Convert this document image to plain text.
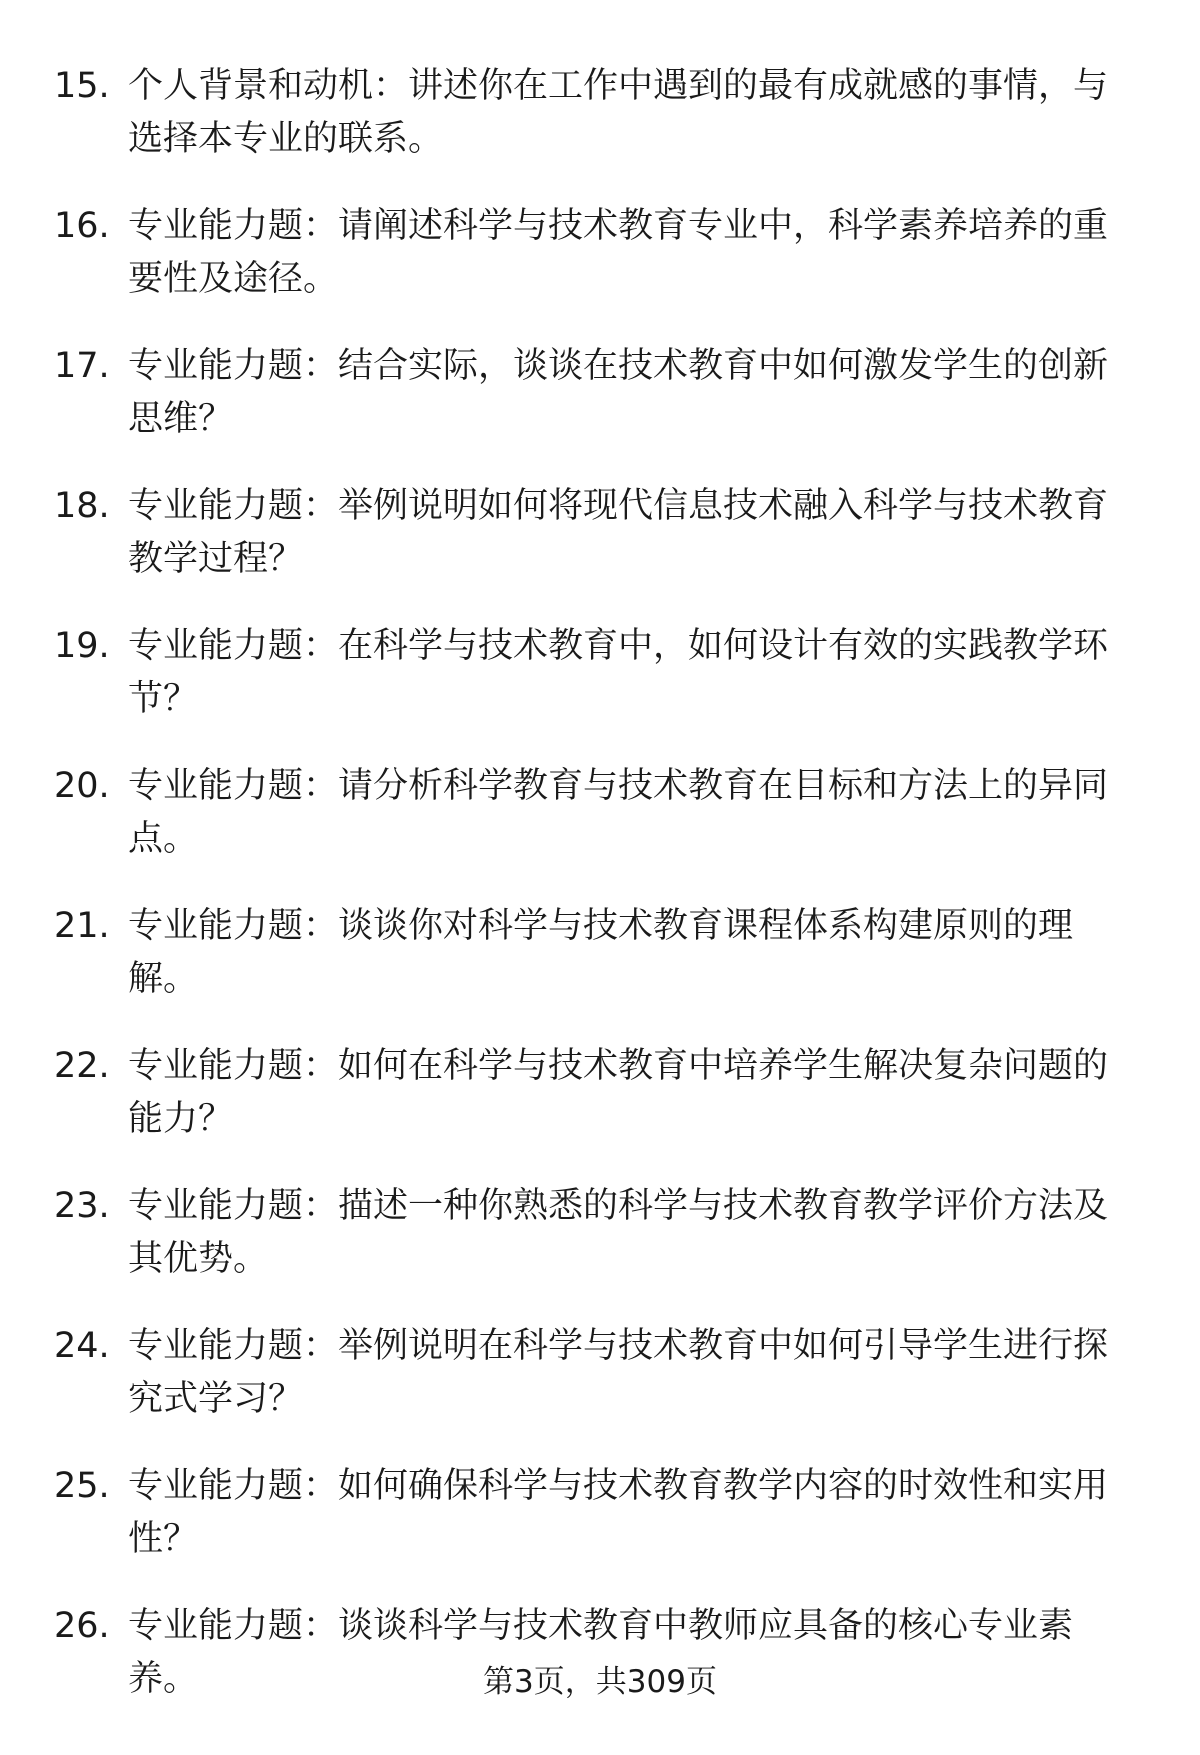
15. 个人背景和动机：讲述你在工作中遇到的最有成就感的事情，与选择本专业的联系。
16. 专业能力题：请阐述科学与技术教育专业中，科学素养培养的重要性及途径。
17. 专业能力题：结合实际，谈谈在技术教育中如何激发学生的创新思维？
18. 专业能力题：举例说明如何将现代信息技术融入科学与技术教育教学过程？
19. 专业能力题：在科学与技术教育中，如何设计有效的实践教学环节？
20. 专业能力题：请分析科学教育与技术教育在目标和方法上的异同点。
21. 专业能力题：谈谈你对科学与技术教育课程体系构建原则的理解。
22. 专业能力题：如何在科学与技术教育中培养学生解决复杂问题的能力？
23. 专业能力题：描述一种你熟悉的科学与技术教育教学评价方法及其优势。
24. 专业能力题：举例说明在科学与技术教育中如何引导学生进行探究式学习？
25. 专业能力题：如何确保科学与技术教育教学内容的时效性和实用性？
26. 专业能力题：谈谈科学与技术教育中教师应具备的核心专业素养。	第3页，共309页
